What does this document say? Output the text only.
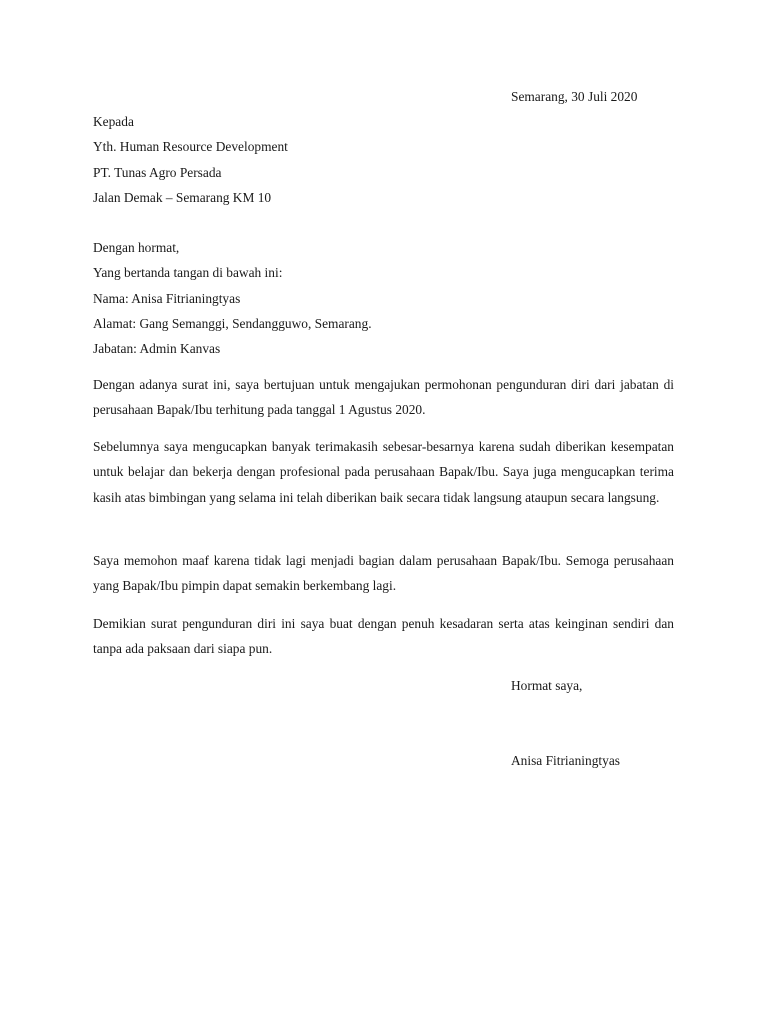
Semarang, 30 Juli 2020
Kepada
Yth. Human Resource Development
PT. Tunas Agro Persada
Jalan Demak – Semarang KM 10
Dengan hormat,
Yang bertanda tangan di bawah ini:
Nama: Anisa Fitrianingtyas
Alamat: Gang Semanggi, Sendangguwo, Semarang.
Jabatan: Admin Kanvas

Dengan adanya surat ini, saya bertujuan untuk mengajukan permohonan pengunduran diri dari jabatan di perusahaan Bapak/Ibu terhitung pada tanggal 1 Agustus 2020.

Sebelumnya saya mengucapkan banyak terimakasih sebesar-besarnya karena sudah diberikan kesempatan untuk belajar dan bekerja dengan profesional pada perusahaan Bapak/Ibu. Saya juga mengucapkan terima kasih atas bimbingan yang selama ini telah diberikan baik secara tidak langsung ataupun secara langsung.

Saya memohon maaf karena tidak lagi menjadi bagian dalam perusahaan Bapak/Ibu. Semoga perusahaan yang Bapak/Ibu pimpin dapat semakin berkembang lagi.

Demikian surat pengunduran diri ini saya buat dengan penuh kesadaran serta atas keinginan sendiri dan tanpa ada paksaan dari siapa pun.

Hormat saya,
Anisa Fitrianingtyas
